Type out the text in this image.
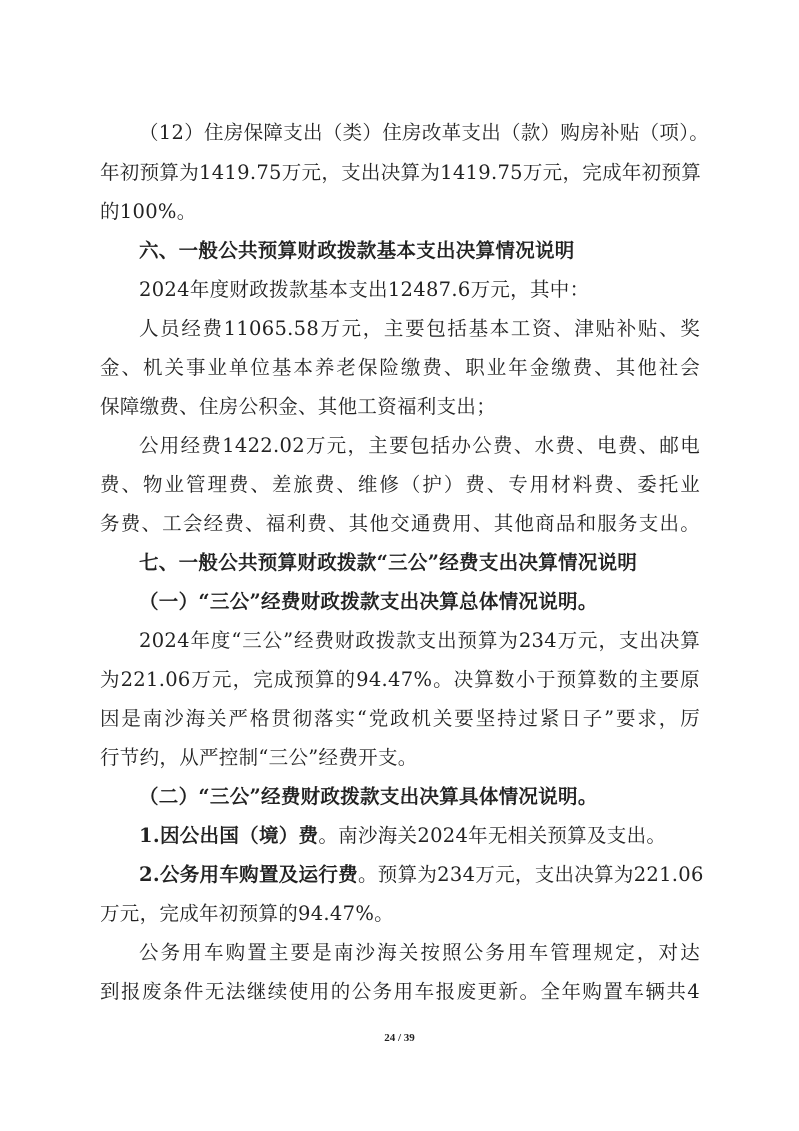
（12）住房保障支出（类）住房改革支出（款）购房补贴（项）。
年初预算为1419.75万元，支出决算为1419.75万元，完成年初预算
的100%。
六、一般公共预算财政拨款基本支出决算情况说明
2024年度财政拨款基本支出12487.6万元，其中：
人员经费11065.58万元，主要包括基本工资、津贴补贴、奖
金、机关事业单位基本养老保险缴费、职业年金缴费、其他社会
保障缴费、住房公积金、其他工资福利支出；
公用经费1422.02万元，主要包括办公费、水费、电费、邮电
费、物业管理费、差旅费、维修（护）费、专用材料费、委托业
务费、工会经费、福利费、其他交通费用、其他商品和服务支出。
七、一般公共预算财政拨款“三公”经费支出决算情况说明
（一）“三公”经费财政拨款支出决算总体情况说明。
2024年度“三公”经费财政拨款支出预算为234万元，支出决算
为221.06万元，完成预算的94.47%。决算数小于预算数的主要原
因是南沙海关严格贯彻落实“党政机关要坚持过紧日子”要求，厉
行节约，从严控制“三公”经费开支。
（二）“三公”经费财政拨款支出决算具体情况说明。
1.因公出国（境）费。南沙海关2024年无相关预算及支出。
2.公务用车购置及运行费。预算为234万元，支出决算为221.06
万元，完成年初预算的94.47%。
公务用车购置主要是南沙海关按照公务用车管理规定，对达
到报废条件无法继续使用的公务用车报废更新。全年购置车辆共4
24 / 39
